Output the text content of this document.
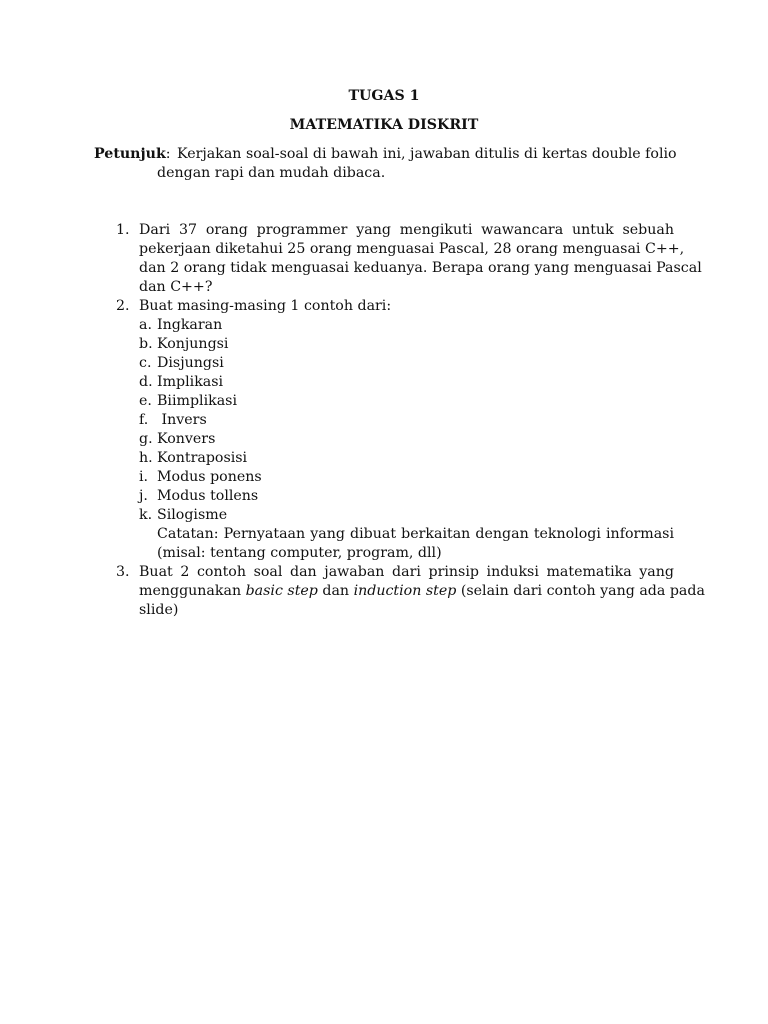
TUGAS 1
MATEMATIKA DISKRIT
Petunjuk: Kerjakan soal-soal di bawah ini, jawaban ditulis di kertas double folio
dengan rapi dan mudah dibaca.
1. Dari 37 orang programmer yang mengikuti wawancara untuk sebuah
pekerjaan diketahui 25 orang menguasai Pascal, 28 orang menguasai C++,
dan 2 orang tidak menguasai keduanya. Berapa orang yang menguasai Pascal
dan C++?
2. Buat masing-masing 1 contoh dari:
a. Ingkaran
b. Konjungsi
c. Disjungsi
d. Implikasi
e. Biimplikasi
f. Invers
g. Konvers
h. Kontraposisi
i. Modus ponens
j. Modus tollens
k. Silogisme
Catatan: Pernyataan yang dibuat berkaitan dengan teknologi informasi
(misal: tentang computer, program, dll)
3. Buat 2 contoh soal dan jawaban dari prinsip induksi matematika yang
menggunakan basic step dan induction step (selain dari contoh yang ada pada
slide)
